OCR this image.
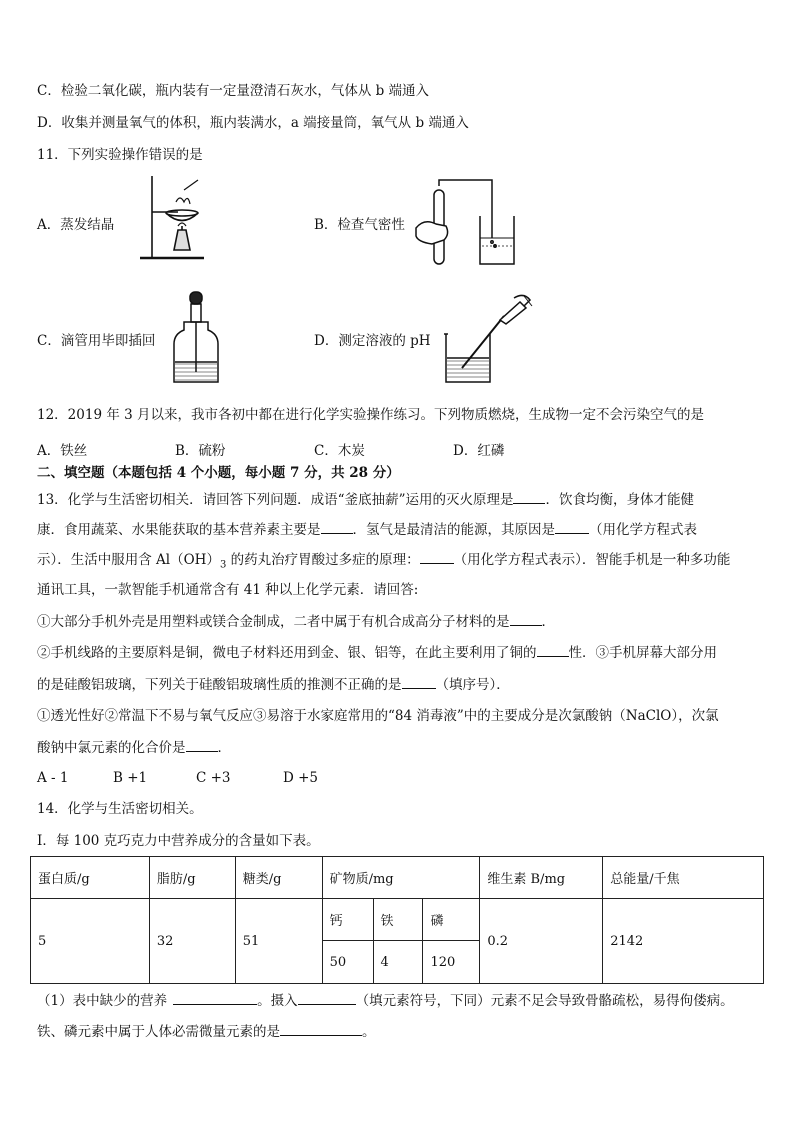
C．检验二氧化碳，瓶内装有一定量澄清石灰水，气体从 b 端通入
D．收集并测量氧气的体积，瓶内装满水，a 端接量筒，氧气从 b 端通入
11．下列实验操作错误的是
A．蒸发结晶	B．检查气密性
C．滴管用毕即插回	D．测定溶液的 pH
12．2019 年 3 月以来，我市各初中都在进行化学实验操作练习。下列物质燃烧，生成物一定不会污染空气的是
A．铁丝	B．硫粉	C．木炭	D．红磷
二、填空题（本题包括 4 个小题，每小题 7 分，共 28 分）
13．化学与生活密切相关．请回答下列问题．成语“釜底抽薪”运用的灭火原理是 ．饮食均衡，身体才能健
康．食用蔬菜、水果能获取的基本营养素主要是 ．氢气是最清洁的能源，其原因是	（用化学方程式表
示）．生活中服用含 $Al(OH)_3$ 的药丸治疗胃酸过多症的原理：	（用化学方程式表示）．智能手机是一种多功能
通讯工具，一款智能手机通常含有 41 种以上化学元素．请回答:
①大部分手机外壳是用塑料或镁合金制成，二者中属于有机合成高分子材料的是 ．
②手机线路的主要原料是铜，微电子材料还用到金、银、铝等，在此主要利用了铜的 性．③手机屏幕大部分用
的是硅酸铝玻璃，下列关于硅酸铝玻璃性质的推测不正确的是	（填序号）．
①透光性好②常温下不易与氧气反应③易溶于水家庭常用的“84 消毒液”中的主要成分是次氯酸钠（NaClO），次氯
酸钠中氯元素的化合价是 ．
A - 1	B +1	C +3	D +5
14．化学与生活密切相关。
Ⅰ．每 100 克巧克力中营养成分的含量如下表。
蛋白质/g	脂肪/g	糖类/g	矿物质/mg			维生素 B/mg	总能量/千焦
5	32	51	钙	铁	磷	0.2	2142
			50	4	120		
（1）表中缺少的营养	。摄入	（填元素符号，下同）元素不足会导致骨骼疏松，易得佝偻病。
铁、磷元素中属于人体必需微量元素的是	。
